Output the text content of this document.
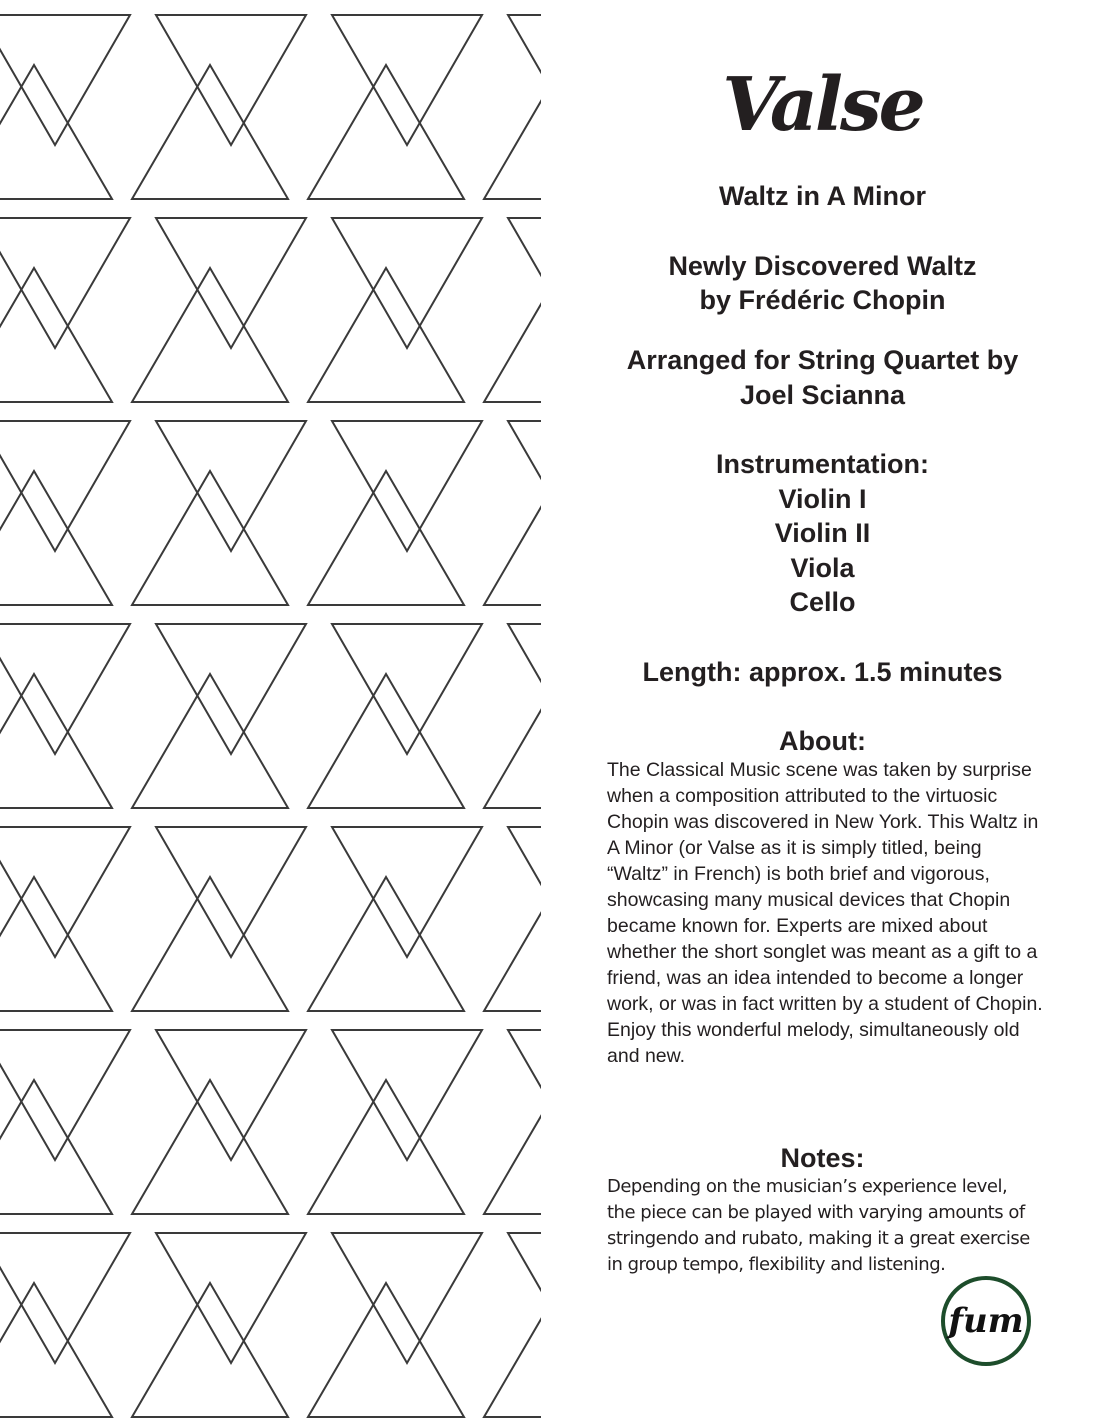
Valse
Waltz in A Minor
Newly Discovered Waltz
by Frédéric Chopin
Arranged for String Quartet by
Joel Scianna
Instrumentation:
Violin I
Violin II
Viola
Cello
Length: approx. 1.5 minutes
About:
The Classical Music scene was taken by surprise when a composition attributed to the virtuosic Chopin was discovered in New York. This Waltz in A Minor (or Valse as it is simply titled, being “Waltz” in French) is both brief and vigorous, showcasing many musical devices that Chopin became known for. Experts are mixed about whether the short songlet was meant as a gift to a friend, was an idea intended to become a longer work, or was in fact written by a student of Chopin. Enjoy this wonderful melody, simultaneously old and new.
Notes:
Depending on the musician’s experience level, the piece can be played with varying amounts of stringendo and rubato, making it a great exercise in group tempo, flexibility and listening.
fum
